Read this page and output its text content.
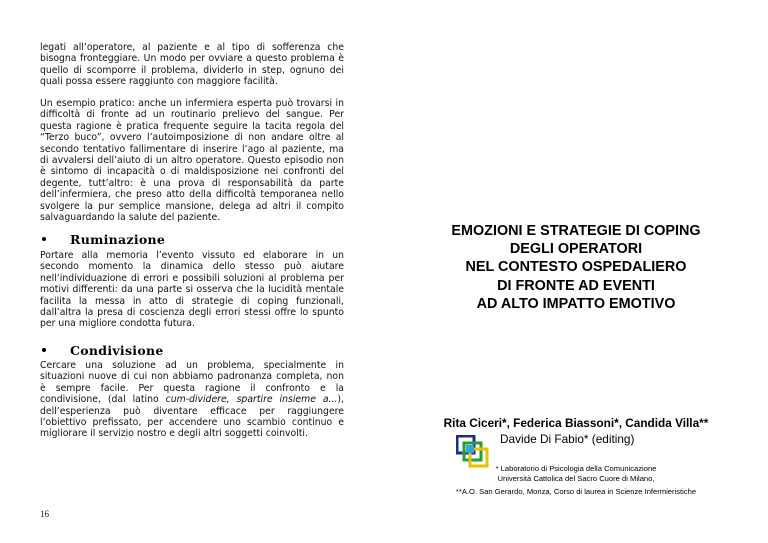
legati all’operatore, al paziente e al tipo di sofferenza che bisogna fronteggiare. Un modo per ovviare a questo problema è quello di scomporre il problema, dividerlo in step, ognuno dei quali possa essere raggiunto con maggiore facilità.

Un esempio pratico: anche un infermiera esperta può trovarsi in difficoltà di fronte ad un routinario prelievo del sangue. Per questa ragione è pratica frequente seguire la tacita regola del “Terzo buco”, ovvero l’autoimposizione di non andare oltre al secondo tentativo fallimentare di inserire l’ago al paziente, ma di avvalersi dell’aiuto di un altro operatore. Questo episodio non è sintomo di incapacità o di maldisposizione nei confronti del degente, tutt’altro: è una prova di responsabilità da parte dell’infermiera, che preso atto della difficoltà temporanea nello svolgere la pur semplice mansione, delega ad altri il compito salvaguardando la salute del paziente.

Ruminazione

Portare alla memoria l’evento vissuto ed elaborare in un secondo momento la dinamica dello stesso può aiutare nell’individuazione di errori e possibili soluzioni al problema per motivi differenti: da una parte si osserva che la lucidità mentale facilita la messa in atto di strategie di coping funzionali, dall’altra la presa di coscienza degli errori stessi offre lo spunto per una migliore condotta futura.

Condivisione

Cercare una soluzione ad un problema, specialmente in situazioni nuove di cui non abbiamo padronanza completa, non è sempre facile. Per questa ragione il confronto e la condivisione, (dal latino cum-dividere, spartire insieme a...), dell’esperienza può diventare efficace per raggiungere l’obiettivo prefissato, per accendere uno scambio continuo e migliorare il servizio nostro e degli altri soggetti coinvolti.

16
EMOZIONI E STRATEGIE DI COPING
DEGLI OPERATORI
NEL CONTESTO OSPEDALIERO
DI FRONTE AD EVENTI
AD ALTO IMPATTO EMOTIVO
Rita Ciceri*, Federica Biassoni*, Candida Villa**
Davide Di Fabio* (editing)
* Laboratorio di Psicologia della Comunicazione
Università Cattolica del Sacro Cuore di Milano,
**A.O. San Gerardo, Monza, Corso di laurea in Scienze Infermieristiche
